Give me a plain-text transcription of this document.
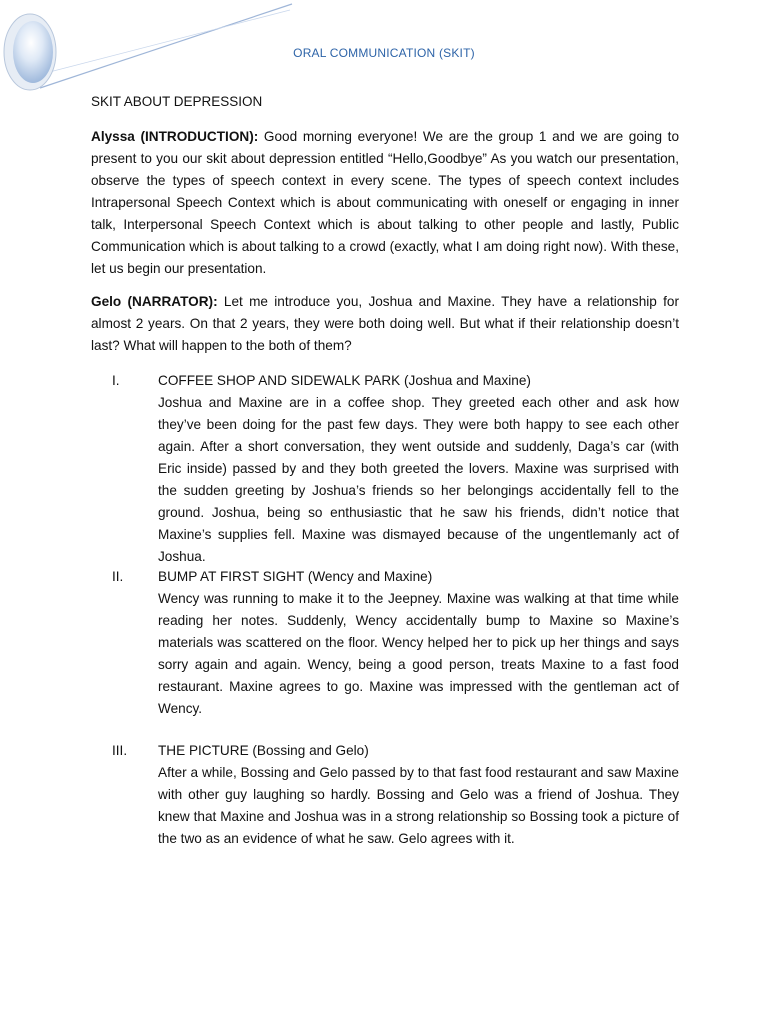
ORAL COMMUNICATION (SKIT)
SKIT ABOUT DEPRESSION

Alyssa (INTRODUCTION): Good morning everyone! We are the group 1 and we are going to present to you our skit about depression entitled “Hello,Goodbye” As you watch our presentation, observe the types of speech context in every scene. The types of speech context includes Intrapersonal Speech Context which is about communicating with oneself or engaging in inner talk, Interpersonal Speech Context which is about talking to other people and lastly, Public Communication which is about talking to a crowd (exactly, what I am doing right now). With these, let us begin our presentation.

Gelo (NARRATOR): Let me introduce you, Joshua and Maxine. They have a relationship for almost 2 years. On that 2 years, they were both doing well. But what if their relationship doesn’t last? What will happen to the both of them?

I.	COFFEE SHOP AND SIDEWALK PARK (Joshua and Maxine)

Joshua and Maxine are in a coffee shop. They greeted each other and ask how they’ve been doing for the past few days. They were both happy to see each other again. After a short conversation, they went outside and suddenly, Daga’s car (with Eric inside) passed by and they both greeted the lovers. Maxine was surprised with the sudden greeting by Joshua’s friends so her belongings accidentally fell to the ground. Joshua, being so enthusiastic that he saw his friends, didn’t notice that Maxine’s supplies fell. Maxine was dismayed because of the ungentlemanly act of Joshua.

II.	BUMP AT FIRST SIGHT (Wency and Maxine)

Wency was running to make it to the Jeepney. Maxine was walking at that time while reading her notes. Suddenly, Wency accidentally bump to Maxine so Maxine’s materials was scattered on the floor. Wency helped her to pick up her things and says sorry again and again. Wency, being a good person, treats Maxine to a fast food restaurant. Maxine agrees to go. Maxine was impressed with the gentleman act of Wency.

III. THE PICTURE (Bossing and Gelo)

After a while, Bossing and Gelo passed by to that fast food restaurant and saw Maxine with other guy laughing so hardly. Bossing and Gelo was a friend of Joshua. They knew that Maxine and Joshua was in a strong relationship so Bossing took a picture of the two as an evidence of what he saw. Gelo agrees with it.
